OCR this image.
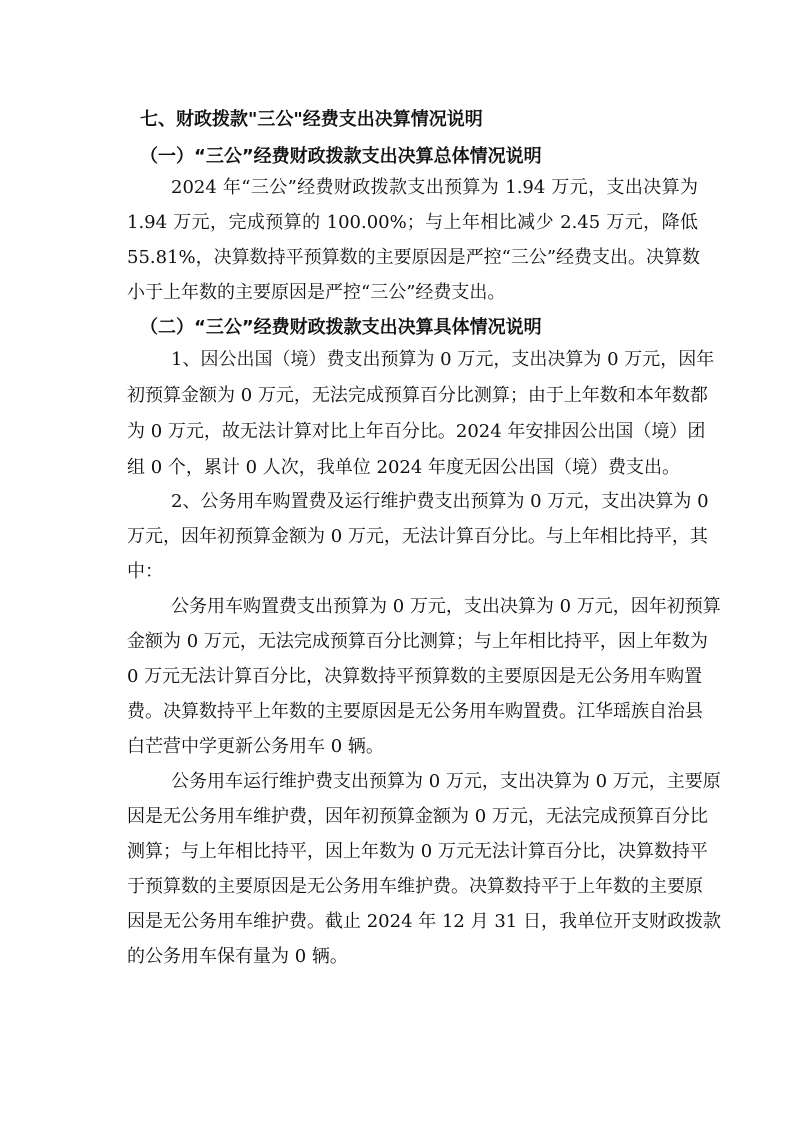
七、财政拨款"三公"经费支出决算情况说明
（一）“三公”经费财政拨款支出决算总体情况说明
2024 年“三公”经费财政拨款支出预算为 1.94 万元，支出决算为
1.94 万元，完成预算的 100.00%；与上年相比减少 2.45 万元，降低
55.81%，决算数持平预算数的主要原因是严控“三公”经费支出。决算数
小于上年数的主要原因是严控“三公”经费支出。
（二）“三公”经费财政拨款支出决算具体情况说明
1、因公出国（境）费支出预算为 0 万元，支出决算为 0 万元，因年
初预算金额为 0 万元，无法完成预算百分比测算；由于上年数和本年数都
为 0 万元，故无法计算对比上年百分比。2024 年安排因公出国（境）团
组 0 个，累计 0 人次，我单位 2024 年度无因公出国（境）费支出。
2、公务用车购置费及运行维护费支出预算为 0 万元，支出决算为 0
万元，因年初预算金额为 0 万元，无法计算百分比。与上年相比持平，其
中：
公务用车购置费支出预算为 0 万元，支出决算为 0 万元，因年初预算
金额为 0 万元，无法完成预算百分比测算；与上年相比持平，因上年数为
0 万元无法计算百分比，决算数持平预算数的主要原因是无公务用车购置
费。决算数持平上年数的主要原因是无公务用车购置费。江华瑶族自治县
白芒营中学更新公务用车 0 辆。
公务用车运行维护费支出预算为 0 万元，支出决算为 0 万元，主要原
因是无公务用车维护费，因年初预算金额为 0 万元，无法完成预算百分比
测算；与上年相比持平，因上年数为 0 万元无法计算百分比，决算数持平
于预算数的主要原因是无公务用车维护费。决算数持平于上年数的主要原
因是无公务用车维护费。截止 2024 年 12 月 31 日，我单位开支财政拨款
的公务用车保有量为 0 辆。
